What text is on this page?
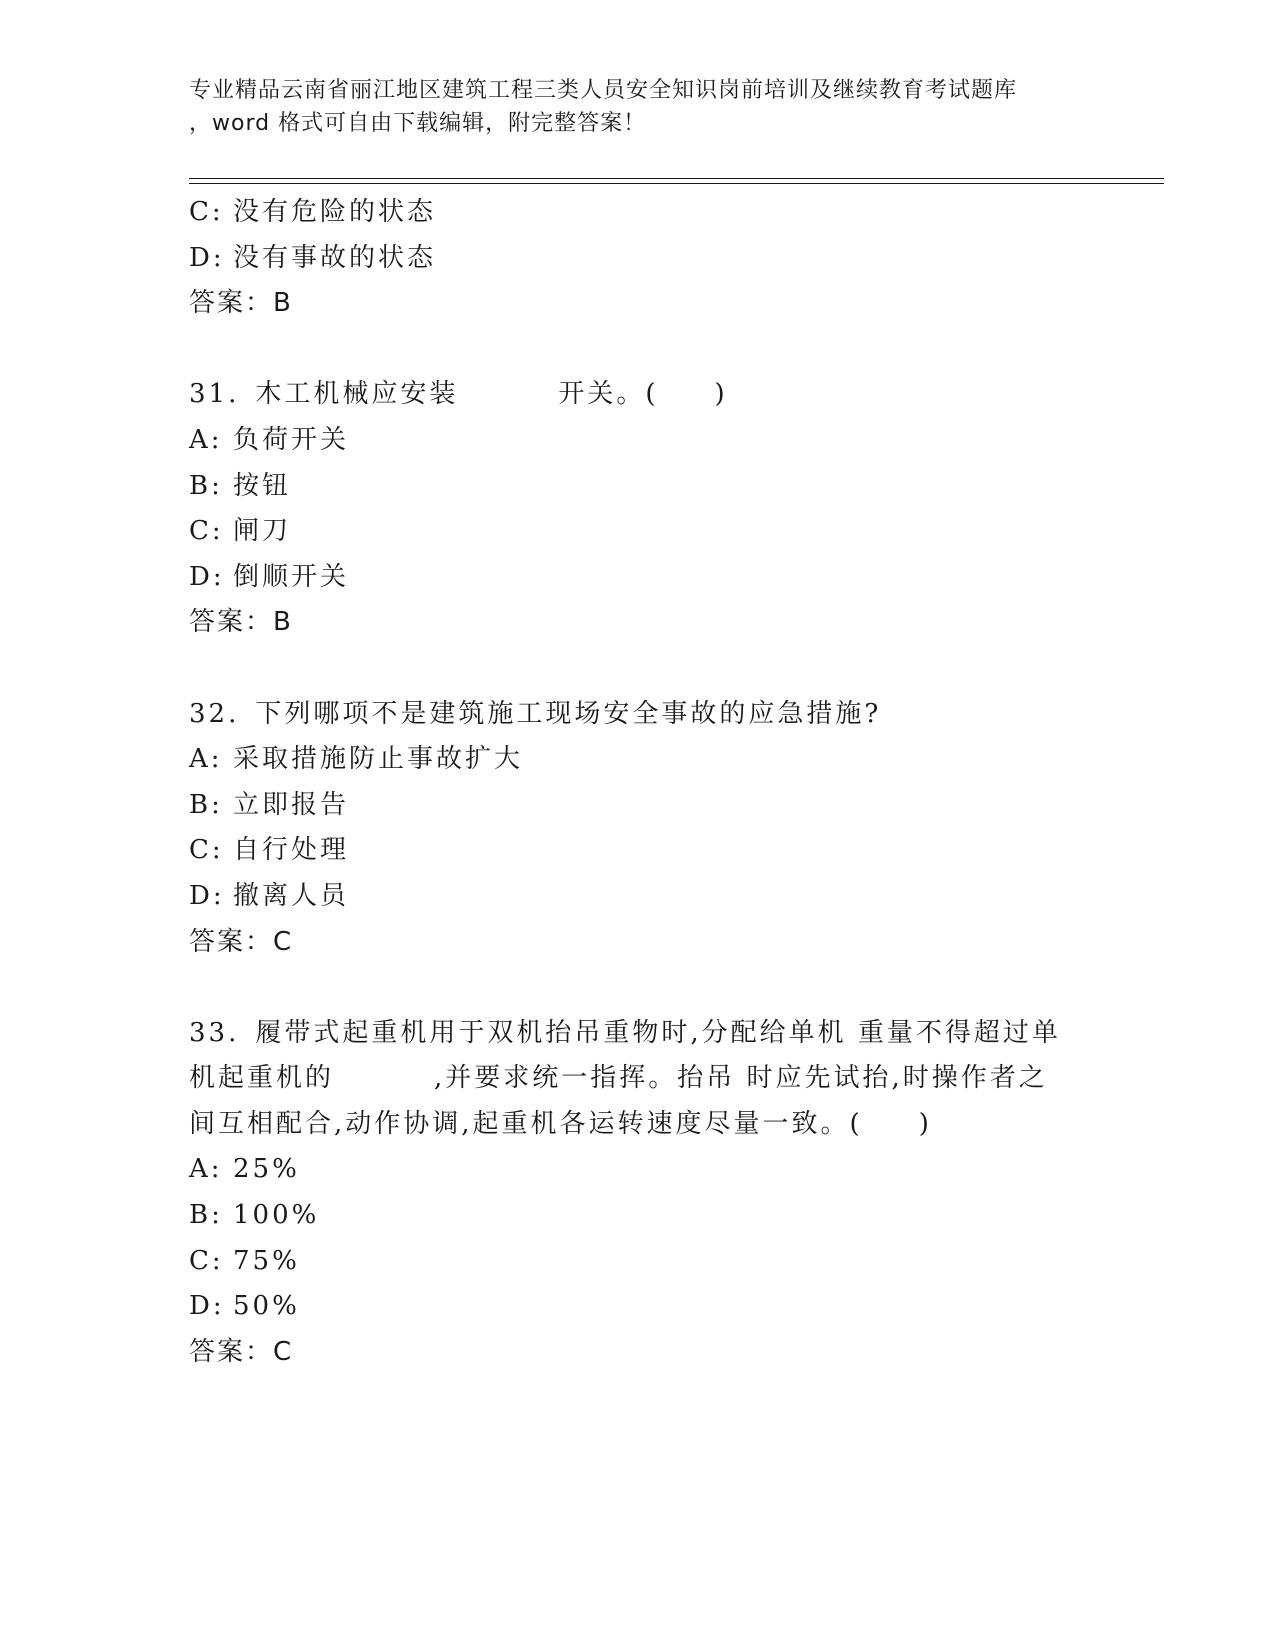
专业精品云南省丽江地区建筑工程三类人员安全知识岗前培训及继续教育考试题库
，word 格式可自由下载编辑，附完整答案！
C: 没有危险的状态
D: 没有事故的状态
答案：B
31. 木工机械应安装	开关。( )
A: 负荷开关
B: 按钮
C: 闸刀
D: 倒顺开关
答案：B
32. 下列哪项不是建筑施工现场安全事故的应急措施?
A: 采取措施防止事故扩大
B: 立即报告
C: 自行处理
D: 撤离人员
答案：C
33. 履带式起重机用于双机抬吊重物时,分配给单机 重量不得超过单
机起重机的	,并要求统一指挥。抬吊 时应先试抬,时操作者之
间互相配合,动作协调,起重机各运转速度尽量一致。( )
A: 25%
B: 100%
C: 75%
D: 50%
答案：C
